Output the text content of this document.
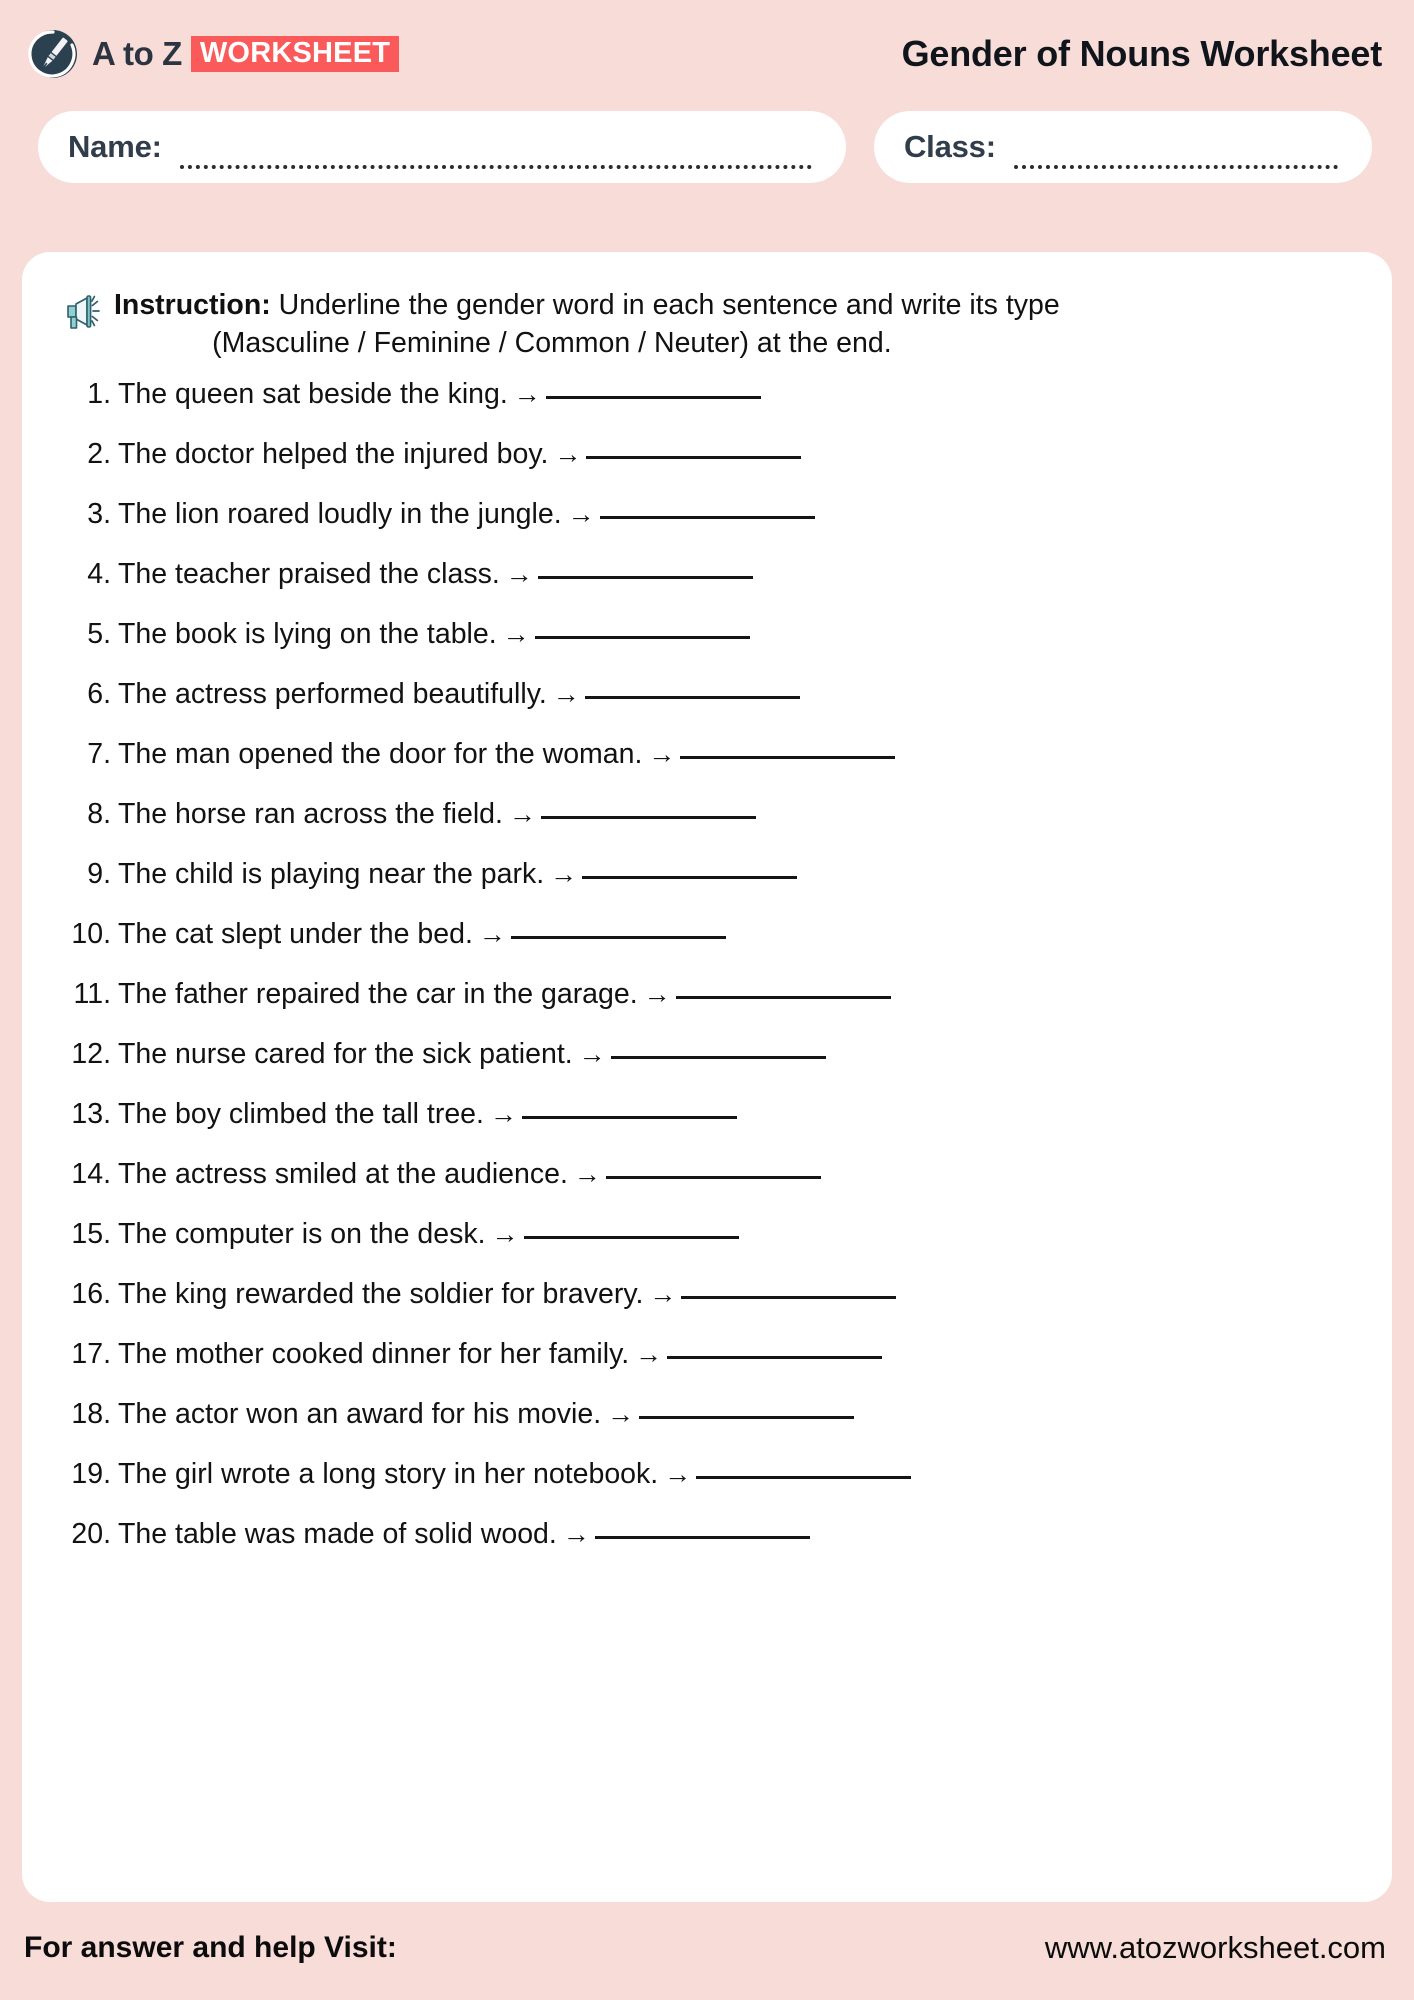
A to Z WORKSHEET	Gender of Nouns Worksheet
Name:	Class:
Instruction: Underline the gender word in each sentence and write its type
(Masculine / Feminine / Common / Neuter) at the end.
1. The queen sat beside the king. →
2. The doctor helped the injured boy. →
3. The lion roared loudly in the jungle. →
4. The teacher praised the class. →
5. The book is lying on the table. →
6. The actress performed beautifully. →
7. The man opened the door for the woman. →
8. The horse ran across the field. →
9. The child is playing near the park. →
10. The cat slept under the bed. →
11. The father repaired the car in the garage. →
12. The nurse cared for the sick patient. →
13. The boy climbed the tall tree. →
14. The actress smiled at the audience. →
15. The computer is on the desk. →
16. The king rewarded the soldier for bravery. →
17. The mother cooked dinner for her family. →
18. The actor won an award for his movie. →
19. The girl wrote a long story in her notebook. →
20. The table was made of solid wood. →
For answer and help Visit:	www.atozworksheet.com
